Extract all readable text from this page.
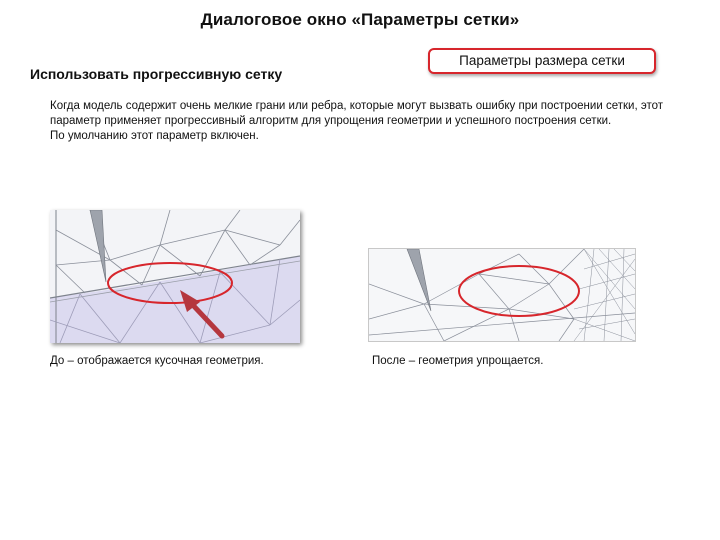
Диалоговое окно «Параметры сетки»
Использовать прогрессивную сетку
Параметры размера сетки

Когда модель содержит очень мелкие грани или ребра, которые могут вызвать ошибку при построении сетки, этот параметр применяет прогрессивный алгоритм для упрощения геометрии и успешного построения сетки.

По умолчанию этот параметр включен.

До – отображается кусочная геометрия.	После – геометрия упрощается.
